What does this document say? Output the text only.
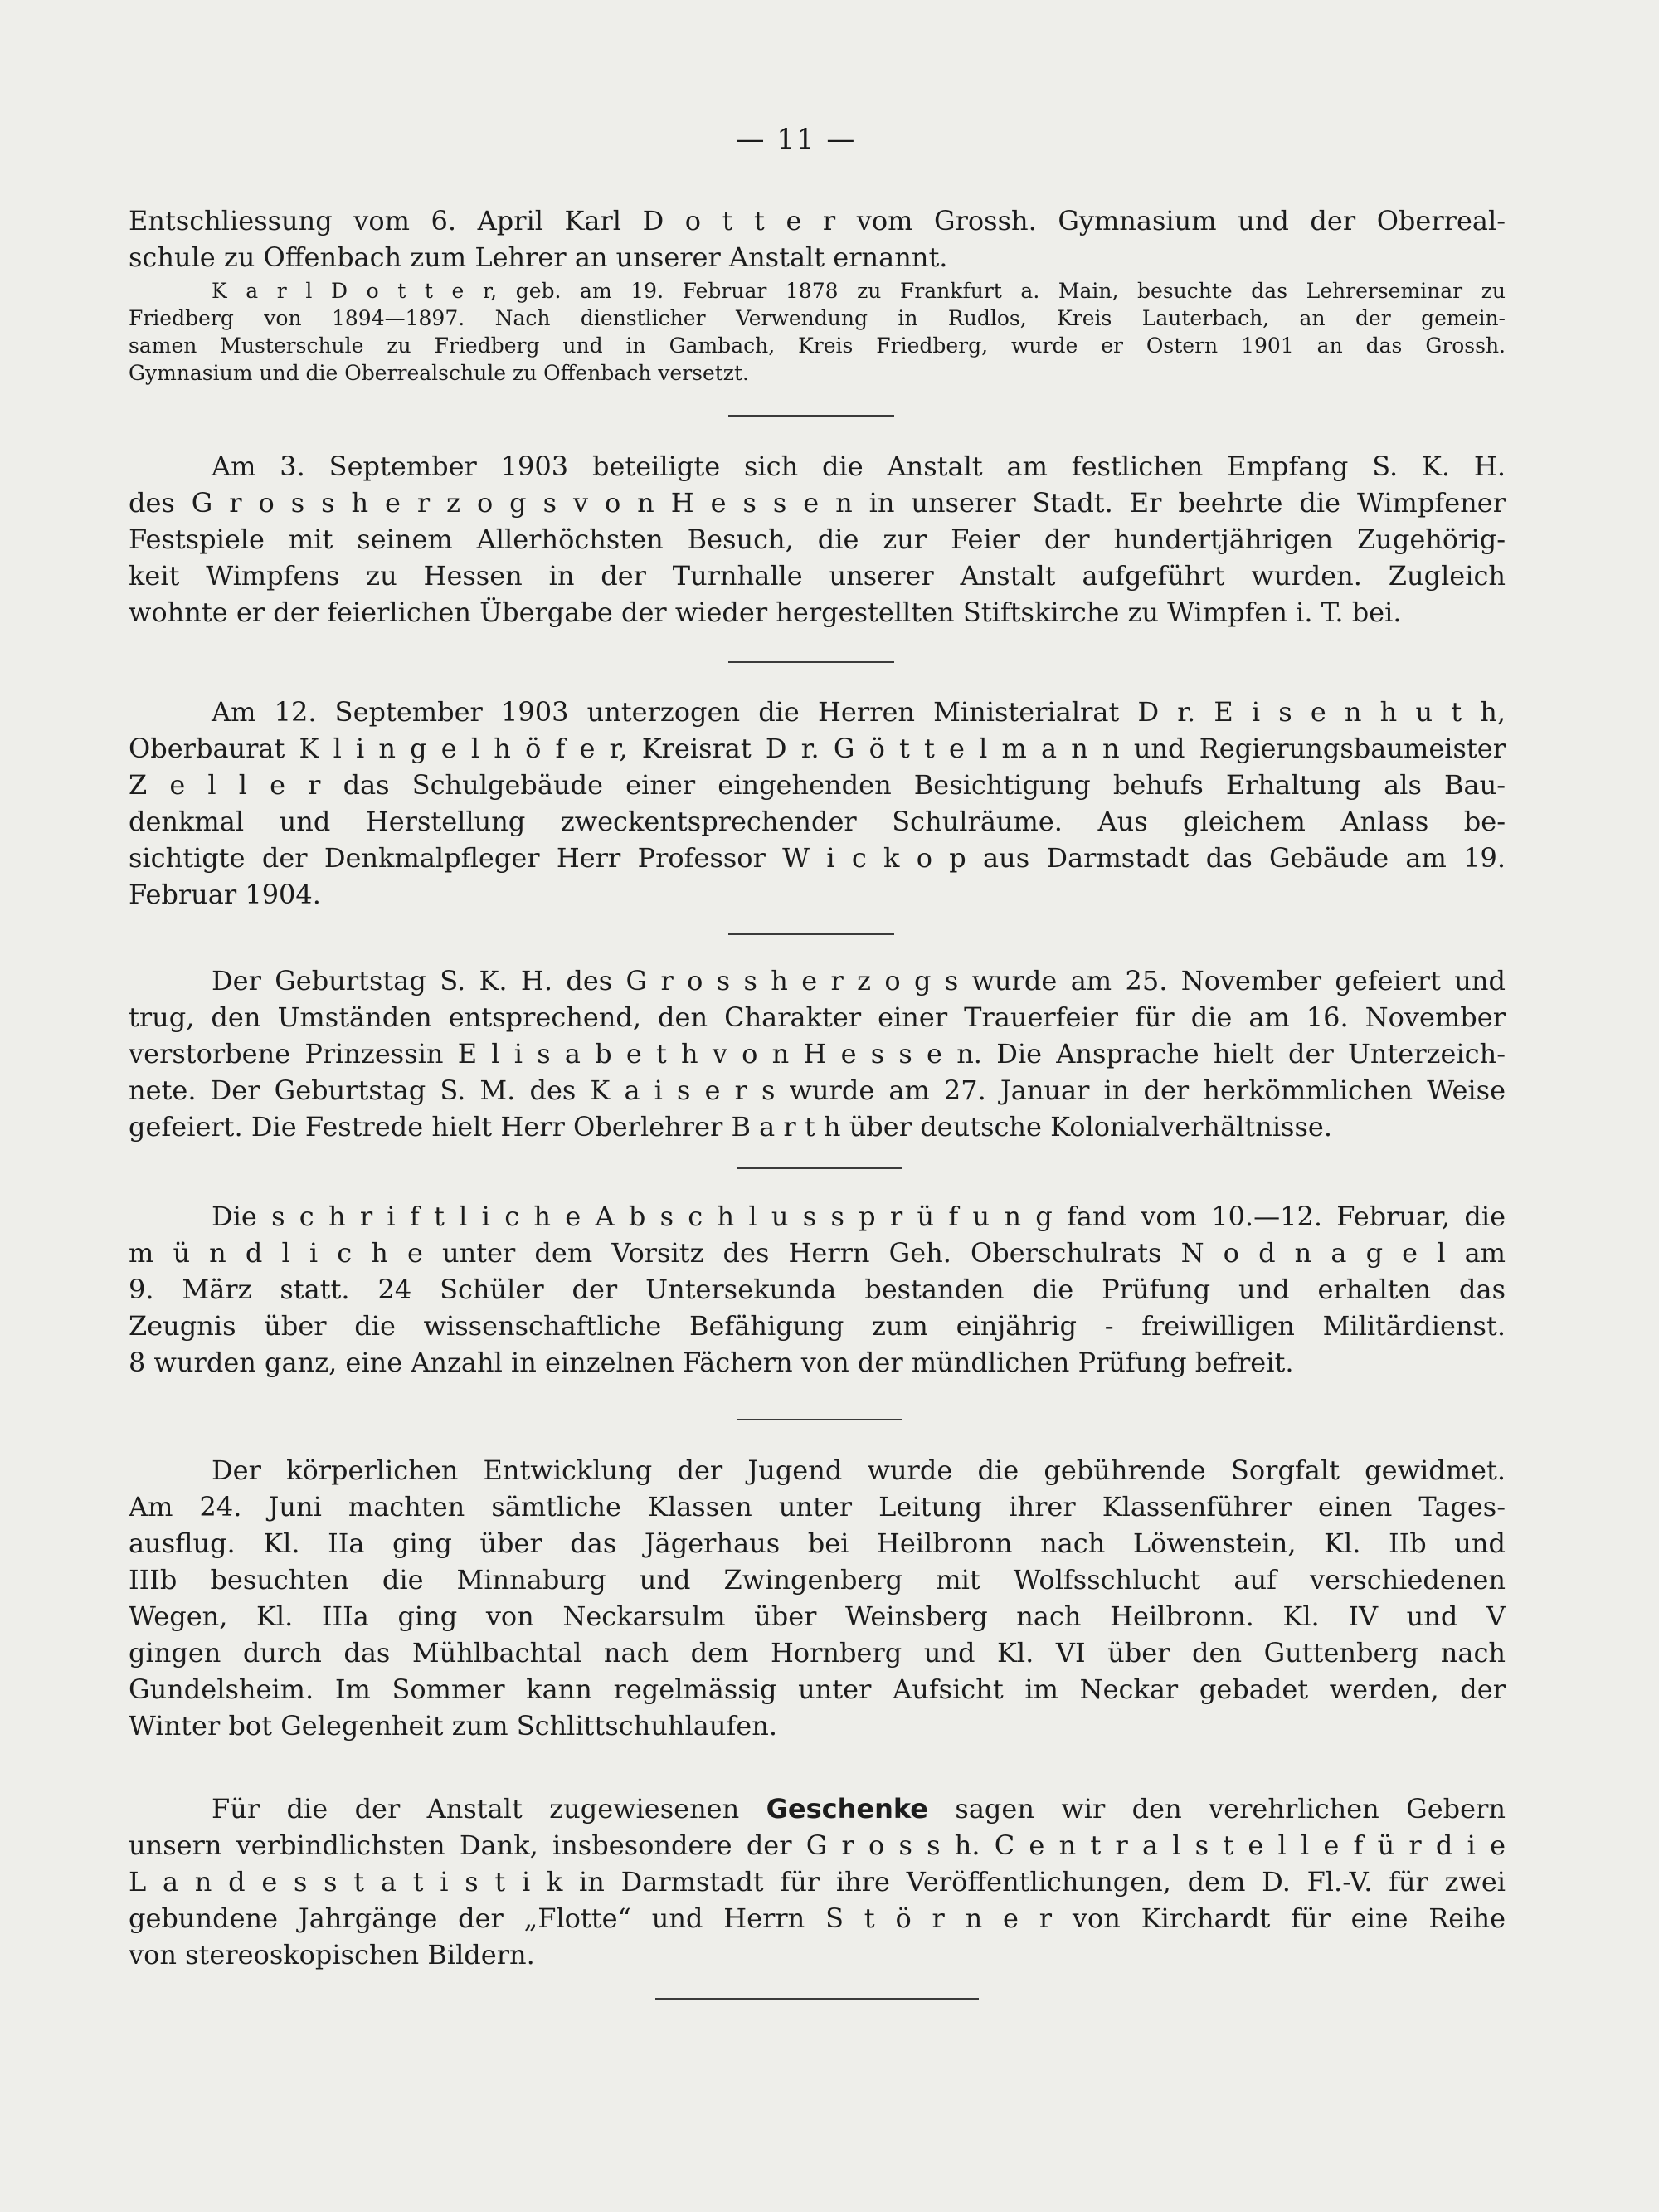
— 11 —
Entschliessung vom 6. April Karl D o t t e r vom Grossh. Gymnasium und der Oberreal-
schule zu Offenbach zum Lehrer an unserer Anstalt ernannt.
K a r l D o t t e r, geb. am 19. Februar 1878 zu Frankfurt a. Main, besuchte das Lehrerseminar zu
Friedberg von 1894—1897. Nach dienstlicher Verwendung in Rudlos, Kreis Lauterbach, an der gemein-
samen Musterschule zu Friedberg und in Gambach, Kreis Friedberg, wurde er Ostern 1901 an das Grossh.
Gymnasium und die Oberrealschule zu Offenbach versetzt.
Am 3. September 1903 beteiligte sich die Anstalt am festlichen Empfang S. K. H.
des G r o s s h e r z o g s v o n H e s s e n in unserer Stadt. Er beehrte die Wimpfener
Festspiele mit seinem Allerhöchsten Besuch, die zur Feier der hundertjährigen Zugehörig-
keit Wimpfens zu Hessen in der Turnhalle unserer Anstalt aufgeführt wurden. Zugleich
wohnte er der feierlichen Übergabe der wieder hergestellten Stiftskirche zu Wimpfen i. T. bei.
Am 12. September 1903 unterzogen die Herren Ministerialrat D r. E i s e n h u t h,
Oberbaurat K l i n g e l h ö f e r, Kreisrat D r. G ö t t e l m a n n und Regierungsbaumeister
Z e l l e r das Schulgebäude einer eingehenden Besichtigung behufs Erhaltung als Bau-
denkmal und Herstellung zweckentsprechender Schulräume. Aus gleichem Anlass be-
sichtigte der Denkmalpfleger Herr Professor W i c k o p aus Darmstadt das Gebäude am 19.
Februar 1904.
Der Geburtstag S. K. H. des G r o s s h e r z o g s wurde am 25. November gefeiert und
trug, den Umständen entsprechend, den Charakter einer Trauerfeier für die am 16. November
verstorbene Prinzessin E l i s a b e t h v o n H e s s e n. Die Ansprache hielt der Unterzeich-
nete. Der Geburtstag S. M. des K a i s e r s wurde am 27. Januar in der herkömmlichen Weise
gefeiert. Die Festrede hielt Herr Oberlehrer B a r t h über deutsche Kolonialverhältnisse.
Die s c h r i f t l i c h e A b s c h l u s s p r ü f u n g fand vom 10.—12. Februar, die
m ü n d l i c h e unter dem Vorsitz des Herrn Geh. Oberschulrats N o d n a g e l am
9. März statt. 24 Schüler der Untersekunda bestanden die Prüfung und erhalten das
Zeugnis über die wissenschaftliche Befähigung zum einjährig - freiwilligen Militärdienst.
8 wurden ganz, eine Anzahl in einzelnen Fächern von der mündlichen Prüfung befreit.
Der körperlichen Entwicklung der Jugend wurde die gebührende Sorgfalt gewidmet.
Am 24. Juni machten sämtliche Klassen unter Leitung ihrer Klassenführer einen Tages-
ausflug. Kl. IIa ging über das Jägerhaus bei Heilbronn nach Löwenstein, Kl. IIb und
IIIb besuchten die Minnaburg und Zwingenberg mit Wolfsschlucht auf verschiedenen
Wegen, Kl. IIIa ging von Neckarsulm über Weinsberg nach Heilbronn. Kl. IV und V
gingen durch das Mühlbachtal nach dem Hornberg und Kl. VI über den Guttenberg nach
Gundelsheim. Im Sommer kann regelmässig unter Aufsicht im Neckar gebadet werden, der
Winter bot Gelegenheit zum Schlittschuhlaufen.
Für die der Anstalt zugewiesenen Geschenke sagen wir den verehrlichen Gebern
unsern verbindlichsten Dank, insbesondere der G r o s s h. C e n t r a l s t e l l e f ü r d i e
L a n d e s s t a t i s t i k in Darmstadt für ihre Veröffentlichungen, dem D. Fl.-V. für zwei
gebundene Jahrgänge der „Flotte“ und Herrn S t ö r n e r von Kirchardt für eine Reihe
von stereoskopischen Bildern.
